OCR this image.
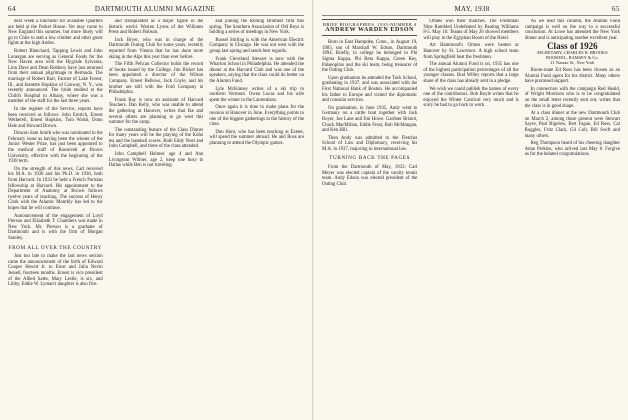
64	DARTMOUTH ALUMNI MAGAZINE

next week a luncheon for available Quarters are held at the Parker House. Yet may come to New England this summer, but more likely will go to Chile to stab a low climber and other guest fights at the high Andes.

Robert Blanchard, Tapping Lewis and John Lonergan are serving as General Foods for the New Haven area with the Hygrade Sylvania, Linn Dave and Dean Robbery have just returned from their annual pilgrimage to Bermuda. The marriage of Robert Barr, Farmer of Lake Forest, Ill., and Jeanette Hopkins of Conway, N. Y., was recently announced. The bride studied at the Child's Hospital in Albany, where she was a member of the staff for the last three years.

In the register of the Service, reports have been received as follows: John Emrich, Ernest Wetherell, Ernest Hopkins, Tom Walsh, Donn Hale and Howard Brown.

Deacon Sam Smith who was nominated in the February issue as having been the winner of the Junior Wester Prize, has just been appointed to the medical staff of Roosevelt at Brown University, effective with the beginning of the 1938 term.

On the strength of this news, Carl received his M.A. in 1930 and his Ph.D. in 1936, both from Harvard. In 1933 he held a French Parisian fellowship at Harvard. His appointment to the Department of Anatomy at Brown follows twelve years of teaching. The success of Henry Clark with the Atlantic Monthly has led to the hopes that he will continue.

Announcement of the engagement of Loyd Pierson and Elizabeth T. Chambers was made in New York. Mr. Pierson is a graduate of Dartmouth and is with the firm of Morgan Stanley.

FROM ALL OVER THE COUNTRY

Just too late to make the last news section came the announcement of the birth of Edward Cooper Hewitt Jr. to Ernst and Julia Nevin Jessell, fourteen months. Ernest is vice president of the Allied Sales, Mary Leslie, is six, and Libby, Eddie W. Lyman's daughter is also five.

and transplanted as a major figure in the historic world. Warren Lyons of the Williams Press and Robert Hobson.

Jack Bryer, who was in charge of the Dartmouth Outing Club for some years, recently reported from Vienna that he has done more skiing in the Alps this year than ever before.

The Fifth Pelican Collector holds the record of books issued by the College. Jim Bicker has been appointed a director of the Wilson Company. Ernest Bellows, Jack Coyle, and his brother are still with the Ford Company in Philadelphia.

Frank Ray is now an assistant of Harvard Teachers. Dan Kelly, who was unable to attend the gathering at Hanover, writes that Ike and several others are planning to go west this summer for the camp.

The outstanding feature of the Class Dinner for many years will be the playing of the Kuhn tea and the baseball scores. Both Eddy Noel and John Campbell, and three of the class attended.

John Campbell Holmes' age 4 and Ann Livingston Wilmer, age 2, keep one busy in Dallas while Ben is not traveling.

and joining the Rolling Brothers firm this spring. The Southern Association of Old Boys is holding a series of meetings in New York.

Russel Stirling is with the American Electric Company in Chicago. He was out west with the group last spring and sends best regards.

Frank Cleveland Stewart is now with the Wharton School in Philadelphia. He attended the dinner at the Harvard Club and was one of the speakers, saying that the class could do better on the Alumni Fund.

Lyle McKinney writes of a ski trip to northern Vermont. Owen Lucas and his wife spent the winter in the Laurentians.

Once again it is time to make plans for the reunion at Hanover in June. Everything points to one of the biggest gatherings in the history of the class.

Don Hunt, who has been teaching at Exeter, will spend the summer abroad. He and Ross are planning to attend the Olympic games.

MAY, 1938	65
BRIEF BIOGRAPHIES, 1935-NUMBER 4
ANDREW WARDEN EDSON

Born in East Hampden, Conn., in August 19, 1905, son of Marshall W. Edson, Dartmouth 1894. Briefly, in college he belonged to Phi Sigma Kappa, Phi Beta Kappa, Green Key, Palaeopitus and the ski team, being treasurer of the Outing Club.

Upon graduation he attended the Tuck School, graduating in 1937, and was associated with the First National Bank of Boston. He accompanied his father to Europe and visited the diplomatic and consular services.

On graduation, in June 1935, Andy went to Germany on a cattle boat together with Jack Boyer, Joe Lane and Jim Howe. Gardner Bristol, Chuck MacMillan, Eddie Frost, Bob McMangan, and Ken Hill.

Then Andy was admitted to the Fletcher School of Law and Diplomacy, receiving his M.A. in 1937, majoring in international law.

TURNING BACK THE PAGES

From the Dartmouth of May, 1933: Carl Meyer was elected captain of the varsity tennis team. Andy Edson was elected president of the Outing Club.

Ormes won their matches. The Freshman Nine Rambled Undefeated by Beating Williams 8-5. May 16: Teams of May 26 showed members will play in the Egyptian Room of the Hotel.

Art Hammond's Ormes were beaten at Hanover by St. Lawrence. A high school team from Springfield beat the freshmen.

The annual Alumni Fund is on, 1935 has one of the highest participation percentages of all the younger classes. Bud Willey reports that a large share of the class has already sent in a pledge.

We wish we could publish the names of every one of the contributors. Bob Boyle writes that he enjoyed the Winter Carnival very much and is sorry he had to go back to work.

As we read this column, the Alumni Fund campaign is well on the way to a successful conclusion. At Lowe has attended the New York dinner and is anticipating another excellent year.

Class of 1926
SECRETARY, CHARLES B. BROOKS
BOOKEEL, RAMSEY & Co.
21 Nassau St., New York

Room-mate Ed Ross has been chosen as an Alumni Fund agent for his district. Many others have promised support.

In connection with the campaign Red Heald, of Wright Morrison who is to be congratulated on the small letter recently sent out, writes that the class is in good shape.

At a class dinner at the new Dartmouth Club on March 2, among those present were Stewart Sayre, Paul Bigelow, Bert Fagan, Ed Ross, Cal Ruggles, Fritz Clark, Gil Coll, Bill Swift and many others.

Reg Thompson heard of his cheering daughter Anne Perkins, who arrived last May 8. Forgive us for the belated congratulations.
